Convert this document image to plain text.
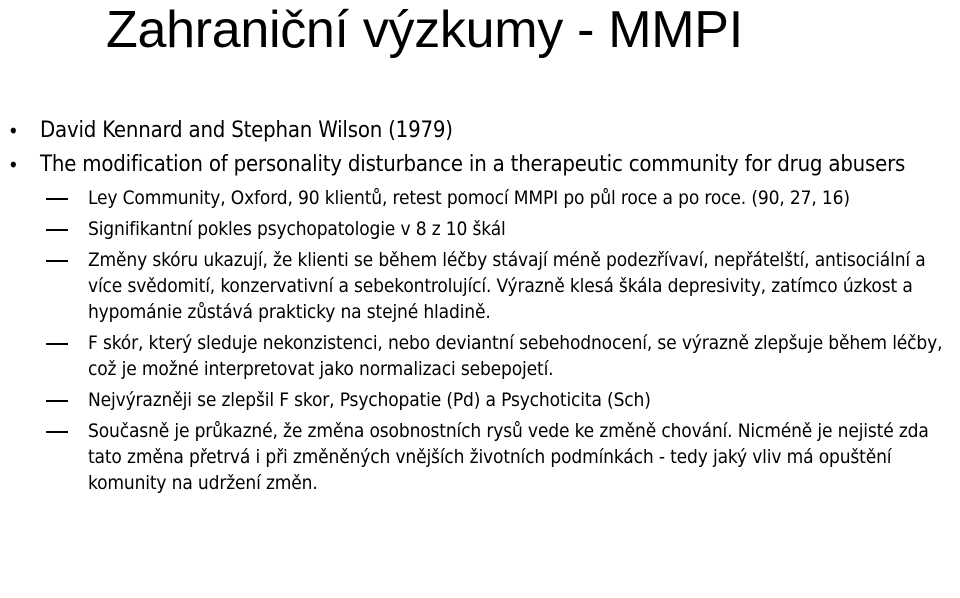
Zahraniční výzkumy - MMPI
• David Kennard and Stephan Wilson (1979)
• The modification of personality disturbance in a therapeutic community for drug abusers
Ley Community, Oxford, 90 klientů, retest pomocí MMPI po půl roce a po roce. (90, 27, 16)
Signifikantní pokles psychopatologie v 8 z 10 škál
Změny skóru ukazují, že klienti se během léčby stávají méně podezřívaví, nepřátelští, antisociální a více svědomití, konzervativní a sebekontrolující. Výrazně klesá škála depresivity, zatímco úzkost a hypománie zůstává prakticky na stejné hladině.
F skór, který sleduje nekonzistenci, nebo deviantní sebehodnocení, se výrazně zlepšuje během léčby, což je možné interpretovat jako normalizaci sebepojetí.
Nejvýrazněji se zlepšil F skor, Psychopatie (Pd) a Psychoticita (Sch)
Současně je průkazné, že změna osobnostních rysů vede ke změně chování. Nicméně je nejisté zda tato změna přetrvá i při změněných vnějších životních podmínkách - tedy jaký vliv má opuštění komunity na udržení změn.
